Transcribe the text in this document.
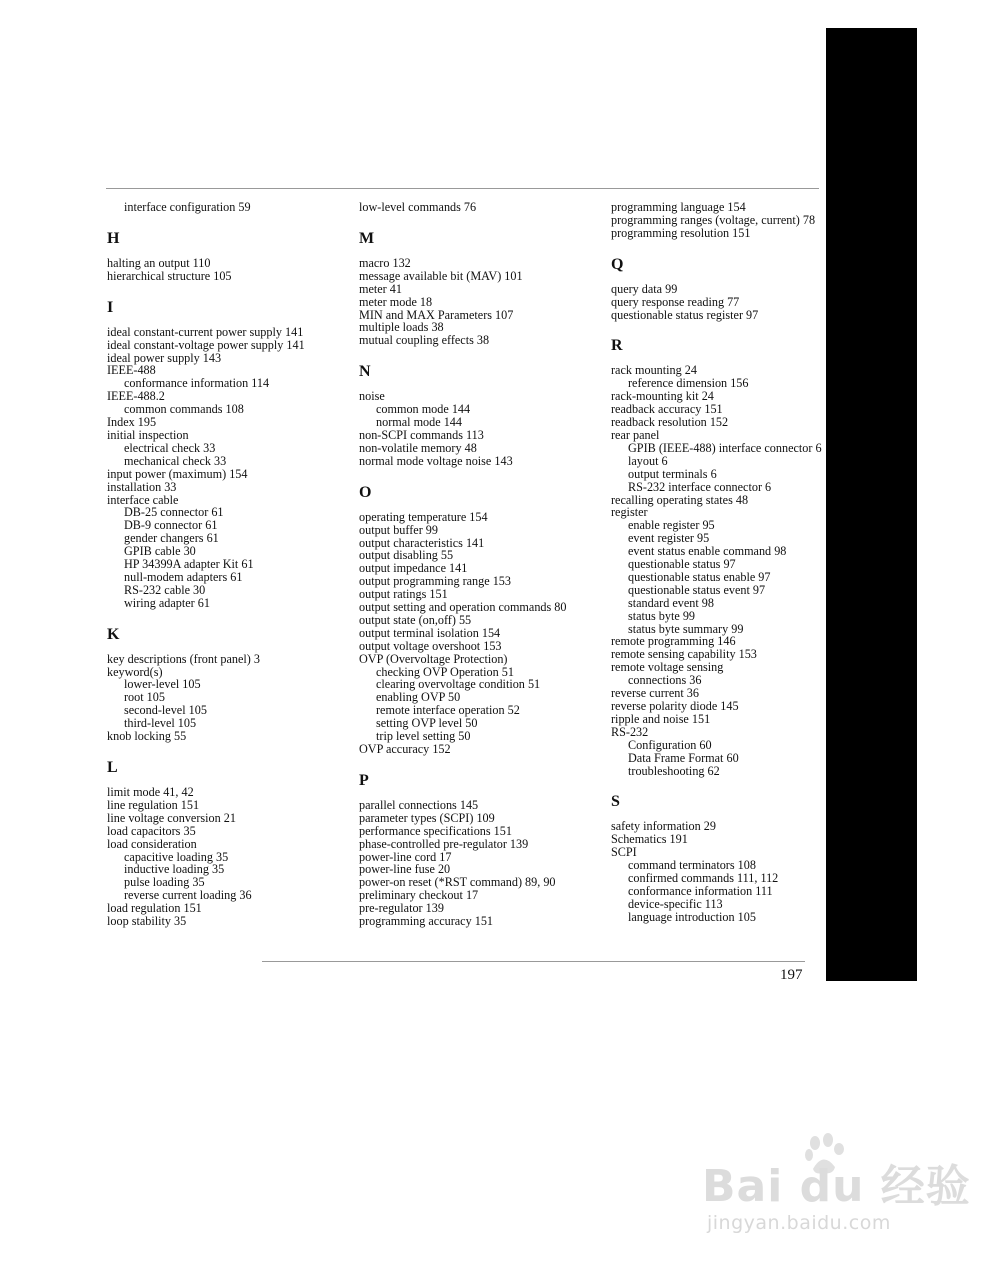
interface configuration 59
H
halting an output 110
hierarchical structure 105
I
ideal constant-current power supply 141
ideal constant-voltage power supply 141
ideal power supply 143
IEEE-488
conformance information 114
IEEE-488.2
common commands 108
Index 195
initial inspection
electrical check 33
mechanical check 33
input power (maximum) 154
installation 33
interface cable
DB-25 connector 61
DB-9 connector 61
gender changers 61
GPIB cable 30
HP 34399A adapter Kit 61
null-modem adapters 61
RS-232 cable 30
wiring adapter 61
K
key descriptions (front panel) 3
keyword(s)
lower-level 105
root 105
second-level 105
third-level 105
knob locking 55
L
limit mode 41, 42
line regulation 151
line voltage conversion 21
load capacitors 35
load consideration
capacitive loading 35
inductive loading 35
pulse loading 35
reverse current loading 36
load regulation 151
loop stability 35
low-level commands 76
M
macro 132
message available bit (MAV) 101
meter 41
meter mode 18
MIN and MAX Parameters 107
multiple loads 38
mutual coupling effects 38
N
noise
common mode 144
normal mode 144
non-SCPI commands 113
non-volatile memory 48
normal mode voltage noise 143
O
operating temperature 154
output buffer 99
output characteristics 141
output disabling 55
output impedance 141
output programming range 153
output ratings 151
output setting and operation commands 80
output state (on,off) 55
output terminal isolation 154
output voltage overshoot 153
OVP (Overvoltage Protection)
checking OVP Operation 51
clearing overvoltage condition 51
enabling OVP 50
remote interface operation 52
setting OVP level 50
trip level setting 50
OVP accuracy 152
P
parallel connections 145
parameter types (SCPI) 109
performance specifications 151
phase-controlled pre-regulator 139
power-line cord 17
power-line fuse 20
power-on reset (*RST command) 89, 90
preliminary checkout 17
pre-regulator 139
programming accuracy 151
programming language 154
programming ranges (voltage, current) 78
programming resolution 151
Q
query data 99
query response reading 77
questionable status register 97
R
rack mounting 24
reference dimension 156
rack-mounting kit 24
readback accuracy 151
readback resolution 152
rear panel
GPIB (IEEE-488) interface connector 6
layout 6
output terminals 6
RS-232 interface connector 6
recalling operating states 48
register
enable register 95
event register 95
event status enable command 98
questionable status 97
questionable status enable 97
questionable status event 97
standard event 98
status byte 99
status byte summary 99
remote programming 146
remote sensing capability 153
remote voltage sensing
connections 36
reverse current 36
reverse polarity diode 145
ripple and noise 151
RS-232
Configuration 60
Data Frame Format 60
troubleshooting 62
S
safety information 29
Schematics 191
SCPI
command terminators 108
confirmed commands 111, 112
conformance information 111
device-specific 113
language introduction 105
197
Bai du 经验
jingyan.baidu.com
